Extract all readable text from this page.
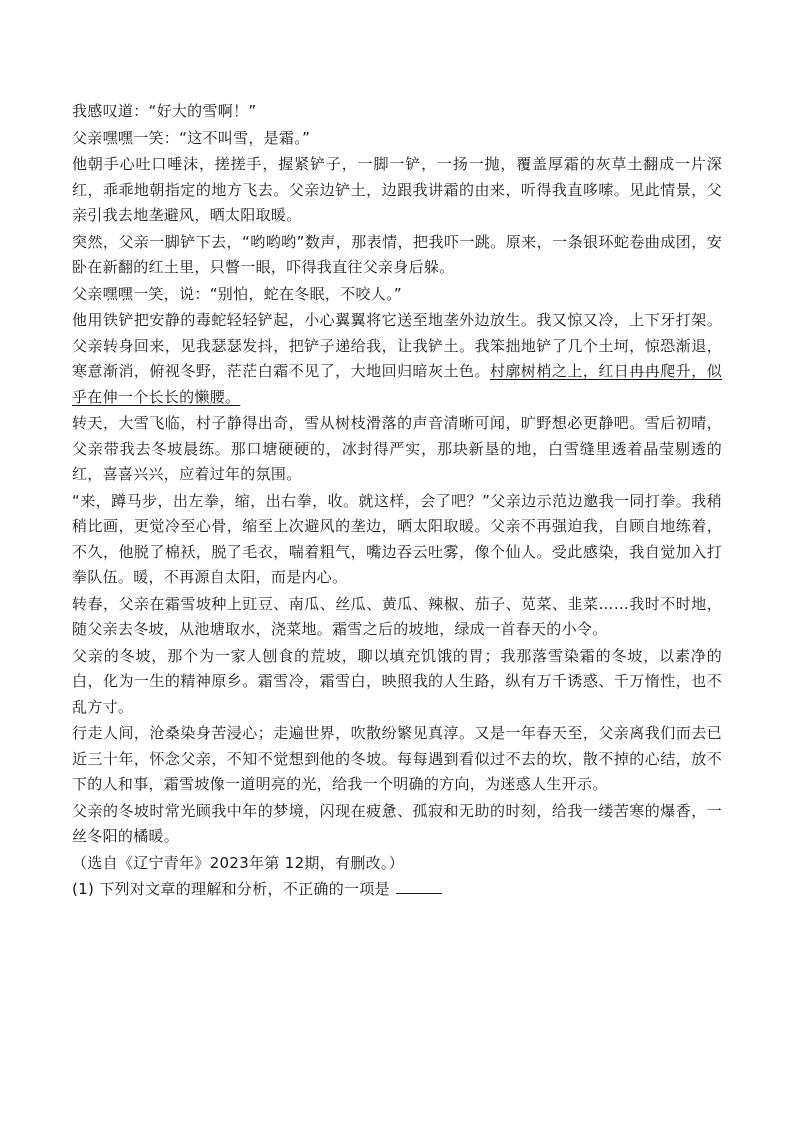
我感叹道：“好大的雪啊！”

父亲嘿嘿一笑：“这不叫雪，是霜。”

他朝手心吐口唾沫，搓搓手，握紧铲子，一脚一铲，一扬一抛，覆盖厚霜的灰草土翻成一片深红，乖乖地朝指定的地方飞去。父亲边铲土，边跟我讲霜的由来，听得我直哆嗦。见此情景，父亲引我去地垄避风，晒太阳取暖。

突然，父亲一脚铲下去，“哟哟哟”数声，那表情，把我吓一跳。原来，一条银环蛇卷曲成团，安卧在新翻的红土里，只瞥一眼，吓得我直往父亲身后躲。

父亲嘿嘿一笑，说：“别怕，蛇在冬眠，不咬人。”

他用铁铲把安静的毒蛇轻轻铲起，小心翼翼将它送至地垄外边放生。我又惊又冷，上下牙打架。父亲转身回来，见我瑟瑟发抖，把铲子递给我，让我铲土。我笨拙地铲了几个土坷，惊恐渐退，寒意渐消，俯视冬野，茫茫白霜不见了，大地回归暗灰土色。村廓树梢之上，红日冉冉爬升，似乎在伸一个长长的懒腰。

转天，大雪飞临，村子静得出奇，雪从树枝滑落的声音清晰可闻，旷野想必更静吧。雪后初晴，父亲带我去冬坡晨练。那口塘硬硬的，冰封得严实，那块新垦的地，白雪缝里透着晶莹剔透的红，喜喜兴兴，应着过年的氛围。

“来，蹲马步，出左拳，缩，出右拳，收。就这样，会了吧？”父亲边示范边邀我一同打拳。我稍稍比画，更觉冷至心骨，缩至上次避风的垄边，晒太阳取暖。父亲不再强迫我，自顾自地练着，不久，他脱了棉袄，脱了毛衣，喘着粗气，嘴边吞云吐雾，像个仙人。受此感染，我自觉加入打拳队伍。暖，不再源自太阳，而是内心。

转春，父亲在霜雪坡种上豇豆、南瓜、丝瓜、黄瓜、辣椒、茄子、苋菜、韭菜……我时不时地，随父亲去冬坡，从池塘取水，浇菜地。霜雪之后的坡地，绿成一首春天的小令。

父亲的冬坡，那个为一家人刨食的荒坡，聊以填充饥饿的胃；我那落雪染霜的冬坡，以素净的白，化为一生的精神原乡。霜雪冷，霜雪白，映照我的人生路，纵有万千诱惑、千万惰性，也不乱方寸。

行走人间，沧桑染身苦浸心；走遍世界，吹散纷繁见真淳。又是一年春天至，父亲离我们而去已近三十年，怀念父亲，不知不觉想到他的冬坡。每每遇到看似过不去的坎，散不掉的心结，放不下的人和事，霜雪坡像一道明亮的光，给我一个明确的方向，为迷惑人生开示。

父亲的冬坡时常光顾我中年的梦境，闪现在疲惫、孤寂和无助的时刻，给我一缕苦寒的爆香，一丝冬阳的橘暖。

（选自《辽宁青年》2023年第 12期，有删改。）

(1) 下列对文章的理解和分析，不正确的一项是
